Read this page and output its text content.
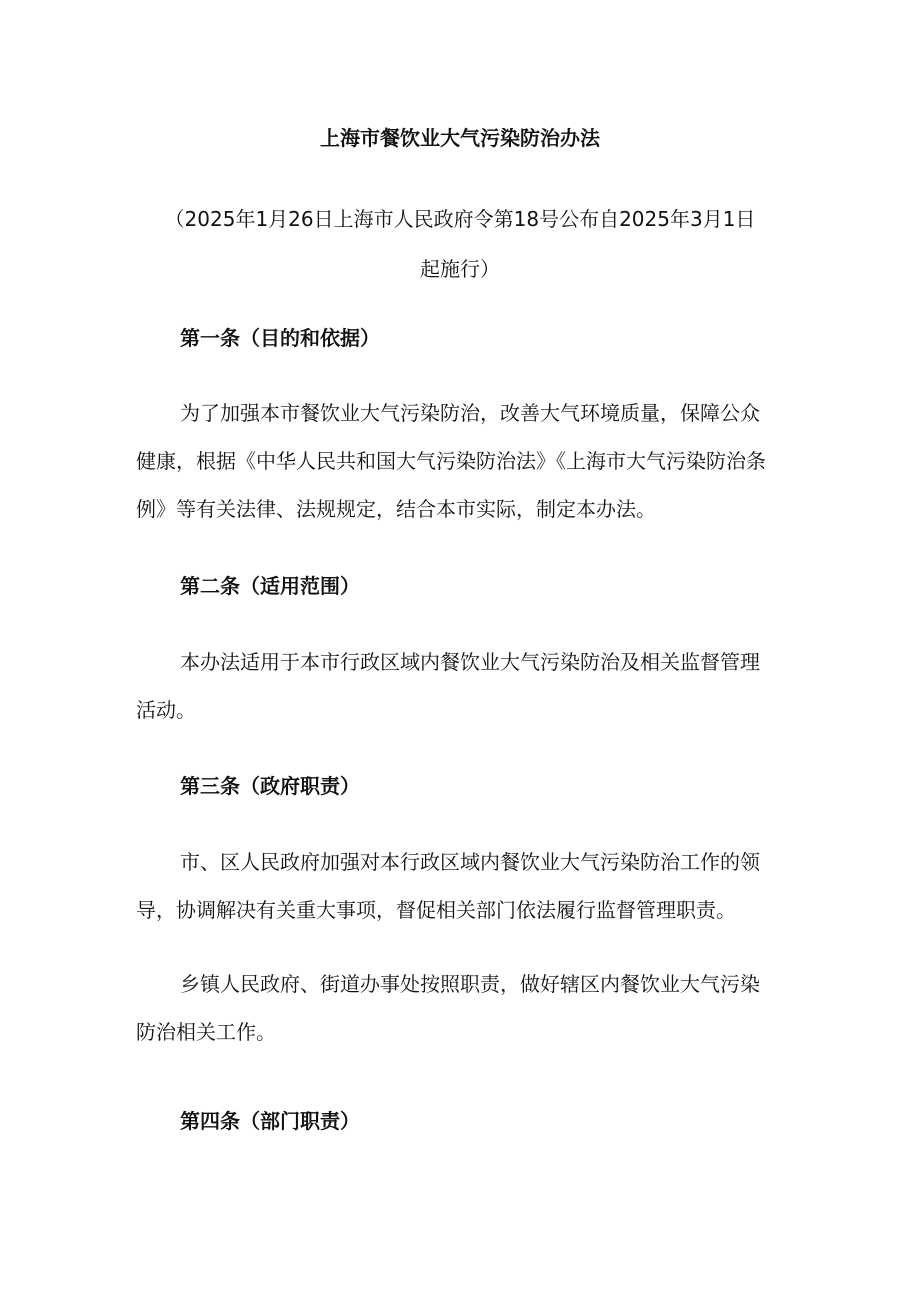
上海市餐饮业大气污染防治办法
（2025年1月26日上海市人民政府令第18号公布自2025年3月1日起施行）
第一条（目的和依据）
为了加强本市餐饮业大气污染防治，改善大气环境质量，保障公众健康，根据《中华人民共和国大气污染防治法》《上海市大气污染防治条例》等有关法律、法规规定，结合本市实际，制定本办法。
第二条（适用范围）
本办法适用于本市行政区域内餐饮业大气污染防治及相关监督管理活动。
第三条（政府职责）
市、区人民政府加强对本行政区域内餐饮业大气污染防治工作的领导，协调解决有关重大事项，督促相关部门依法履行监督管理职责。
乡镇人民政府、街道办事处按照职责，做好辖区内餐饮业大气污染防治相关工作。
第四条（部门职责）
